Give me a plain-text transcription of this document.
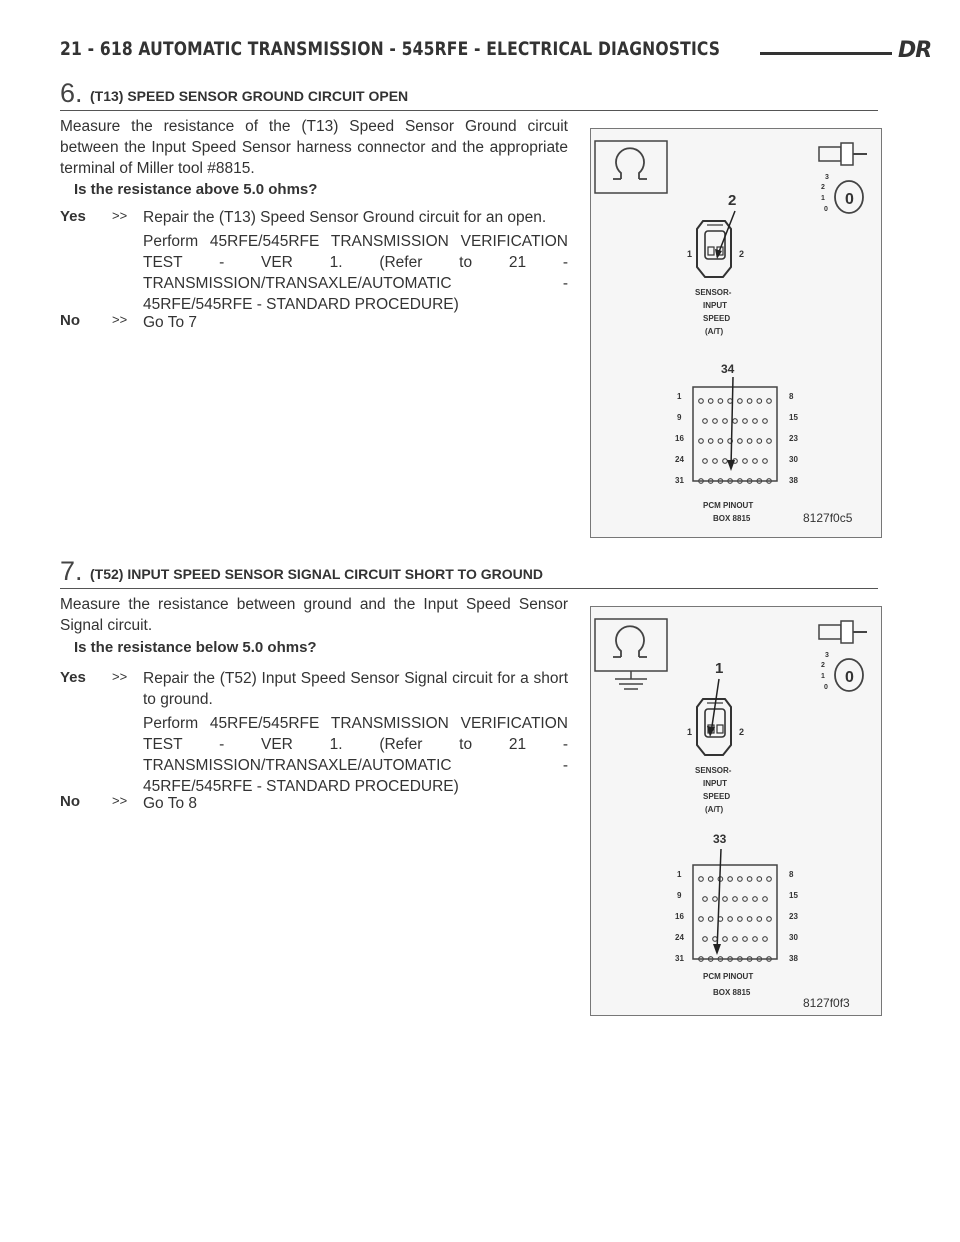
21 - 618 AUTOMATIC TRANSMISSION - 545RFE - ELECTRICAL DIAGNOSTICS	DR
6. (T13) SPEED SENSOR GROUND CIRCUIT OPEN
Measure the resistance of the (T13) Speed Sensor Ground circuit between the Input Speed Sensor harness connector and the appropriate terminal of Miller tool #8815.
Is the resistance above 5.0 ohms?
Yes >> Repair the (T13) Speed Sensor Ground circuit for an open.
Perform 45RFE/545RFE TRANSMISSION VERIFICATION TEST - VER 1. (Refer to 21 - TRANSMISSION/TRANSAXLE/AUTOMATIC - 45RFE/545RFE - STANDARD PROCEDURE)
No >> Go To 7
3
2
1
0
0
2
1	2
SENSOR-
INPUT
SPEED
(A/T)
34
1
9
16
24
31
8
15
23
30
38
PCM PINOUT
BOX 8815	8127f0c5
7. (T52) INPUT SPEED SENSOR SIGNAL CIRCUIT SHORT TO GROUND
Measure the resistance between ground and the Input Speed Sensor Signal circuit.
Is the resistance below 5.0 ohms?
Yes >> Repair the (T52) Input Speed Sensor Signal circuit for a short to ground.
Perform 45RFE/545RFE TRANSMISSION VERIFICATION TEST - VER 1. (Refer to 21 - TRANSMISSION/TRANSAXLE/AUTOMATIC - 45RFE/545RFE - STANDARD PROCEDURE)
No >> Go To 8
3
2
1
0
0
1
1	2
SENSOR-
INPUT
SPEED
(A/T)
33
1
9
16
24
31
8
15
23
30
38
PCM PINOUT
BOX 8815
8127f0f3
